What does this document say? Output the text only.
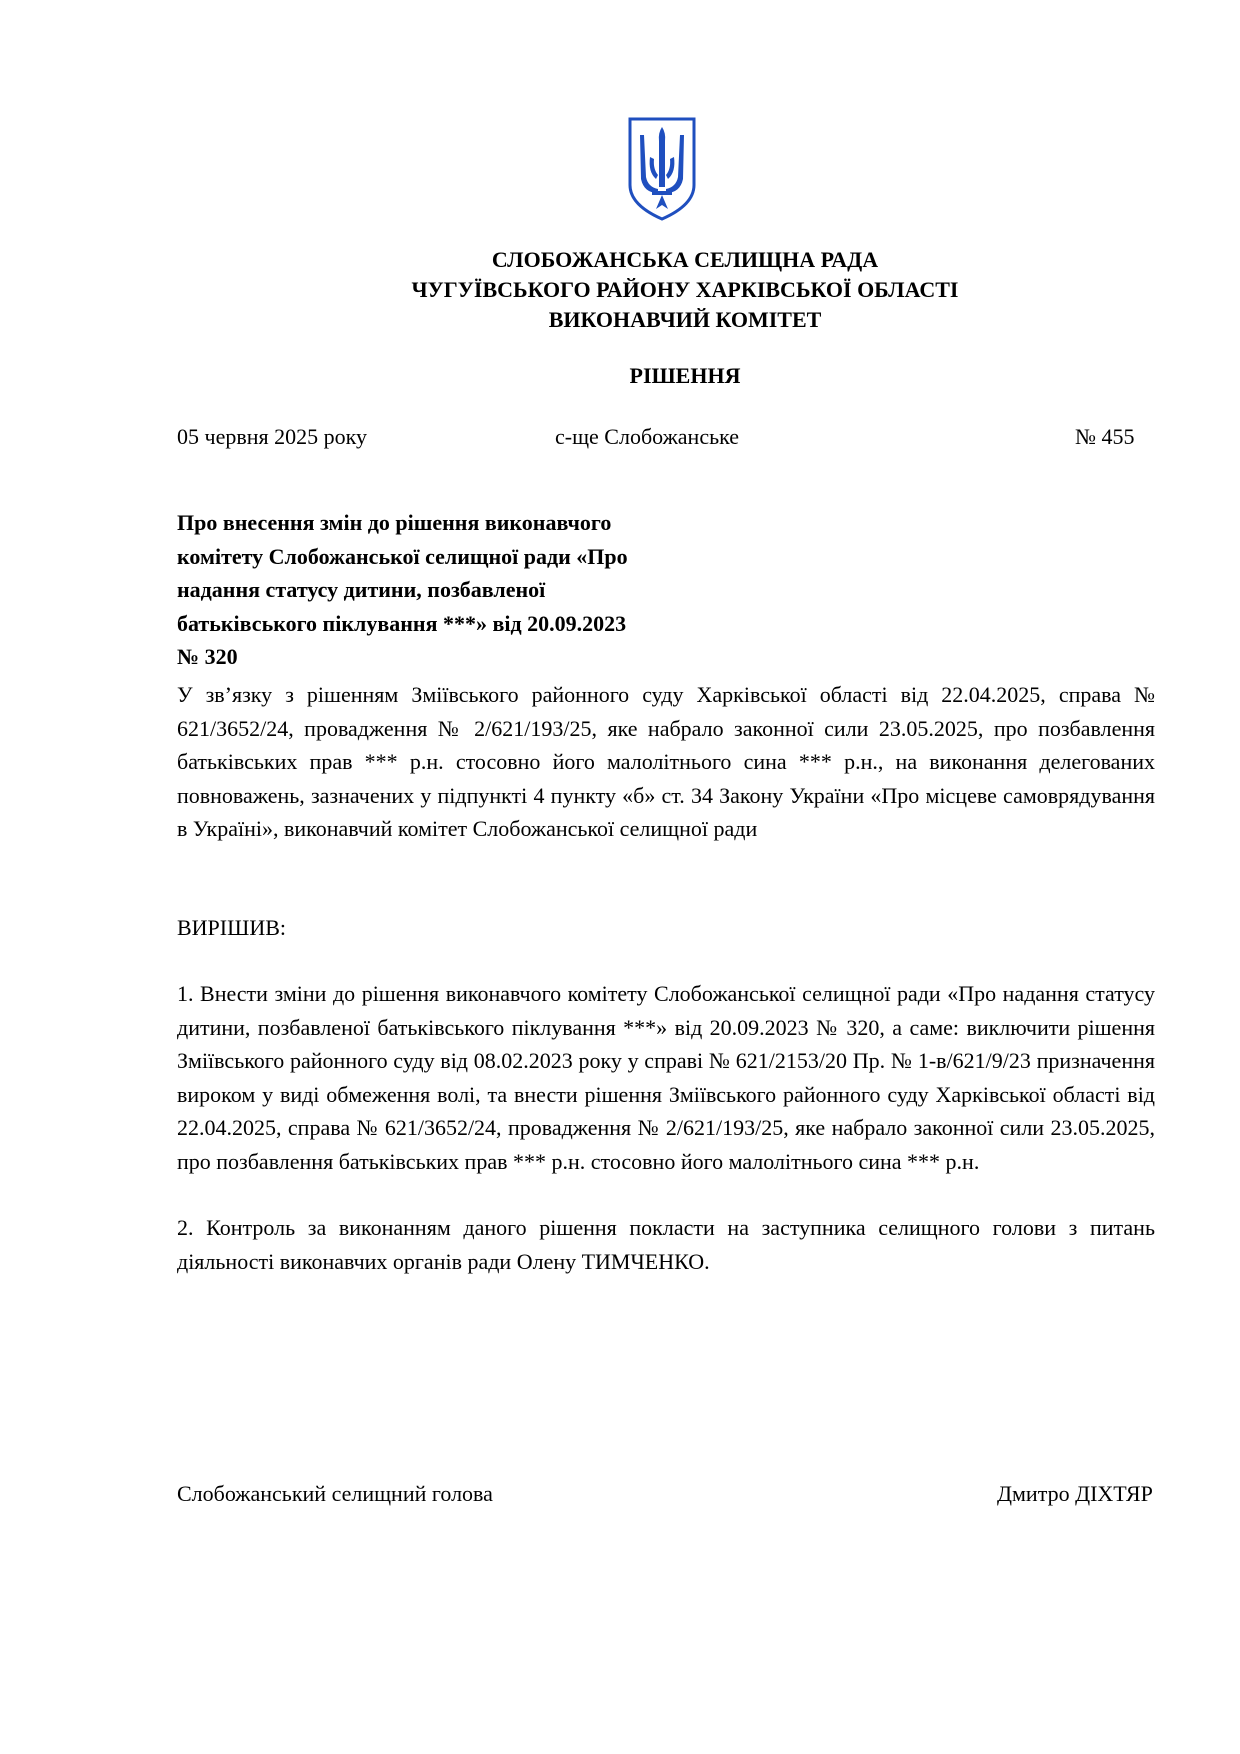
СЛОБОЖАНСЬКА СЕЛИЩНА РАДА
ЧУГУЇВСЬКОГО РАЙОНУ ХАРКІВСЬКОЇ ОБЛАСТІ
ВИКОНАВЧИЙ КОМІТЕТ
РІШЕННЯ
05 червня 2025 року	с-ще Слобожанське	№ 455
Про внесення змін до рішення виконавчого комітету Слобожанської селищної ради «Про надання статусу дитини, позбавленої батьківського піклування ***» від 20.09.2023 № 320
У зв’язку з рішенням Зміївського районного суду Харківської області від 22.04.2025, справа № 621/3652/24, провадження № 2/621/193/25, яке набрало законної сили 23.05.2025, про позбавлення батьківських прав *** р.н. стосовно його малолітнього сина *** р.н., на виконання делегованих повноважень, зазначених у підпункті 4 пункту «б» ст. 34 Закону України «Про місцеве самоврядування в Україні», виконавчий комітет Слобожанської селищної ради
ВИРІШИВ:
1. Внести зміни до рішення виконавчого комітету Слобожанської селищної ради «Про надання статусу дитини, позбавленої батьківського піклування ***» від 20.09.2023 № 320, а саме: виключити рішення Зміївського районного суду від 08.02.2023 року у справі № 621/2153/20 Пр. № 1-в/621/9/23 призначення вироком у виді обмеження волі, та внести рішення Зміївського районного суду Харківської області від 22.04.2025, справа № 621/3652/24, провадження № 2/621/193/25, яке набрало законної сили 23.05.2025, про позбавлення батьківських прав *** р.н. стосовно його малолітнього сина *** р.н.
2. Контроль за виконанням даного рішення покласти на заступника селищного голови з питань діяльності виконавчих органів ради Олену ТИМЧЕНКО.
Слобожанський селищний голова	Дмитро ДІХТЯР
